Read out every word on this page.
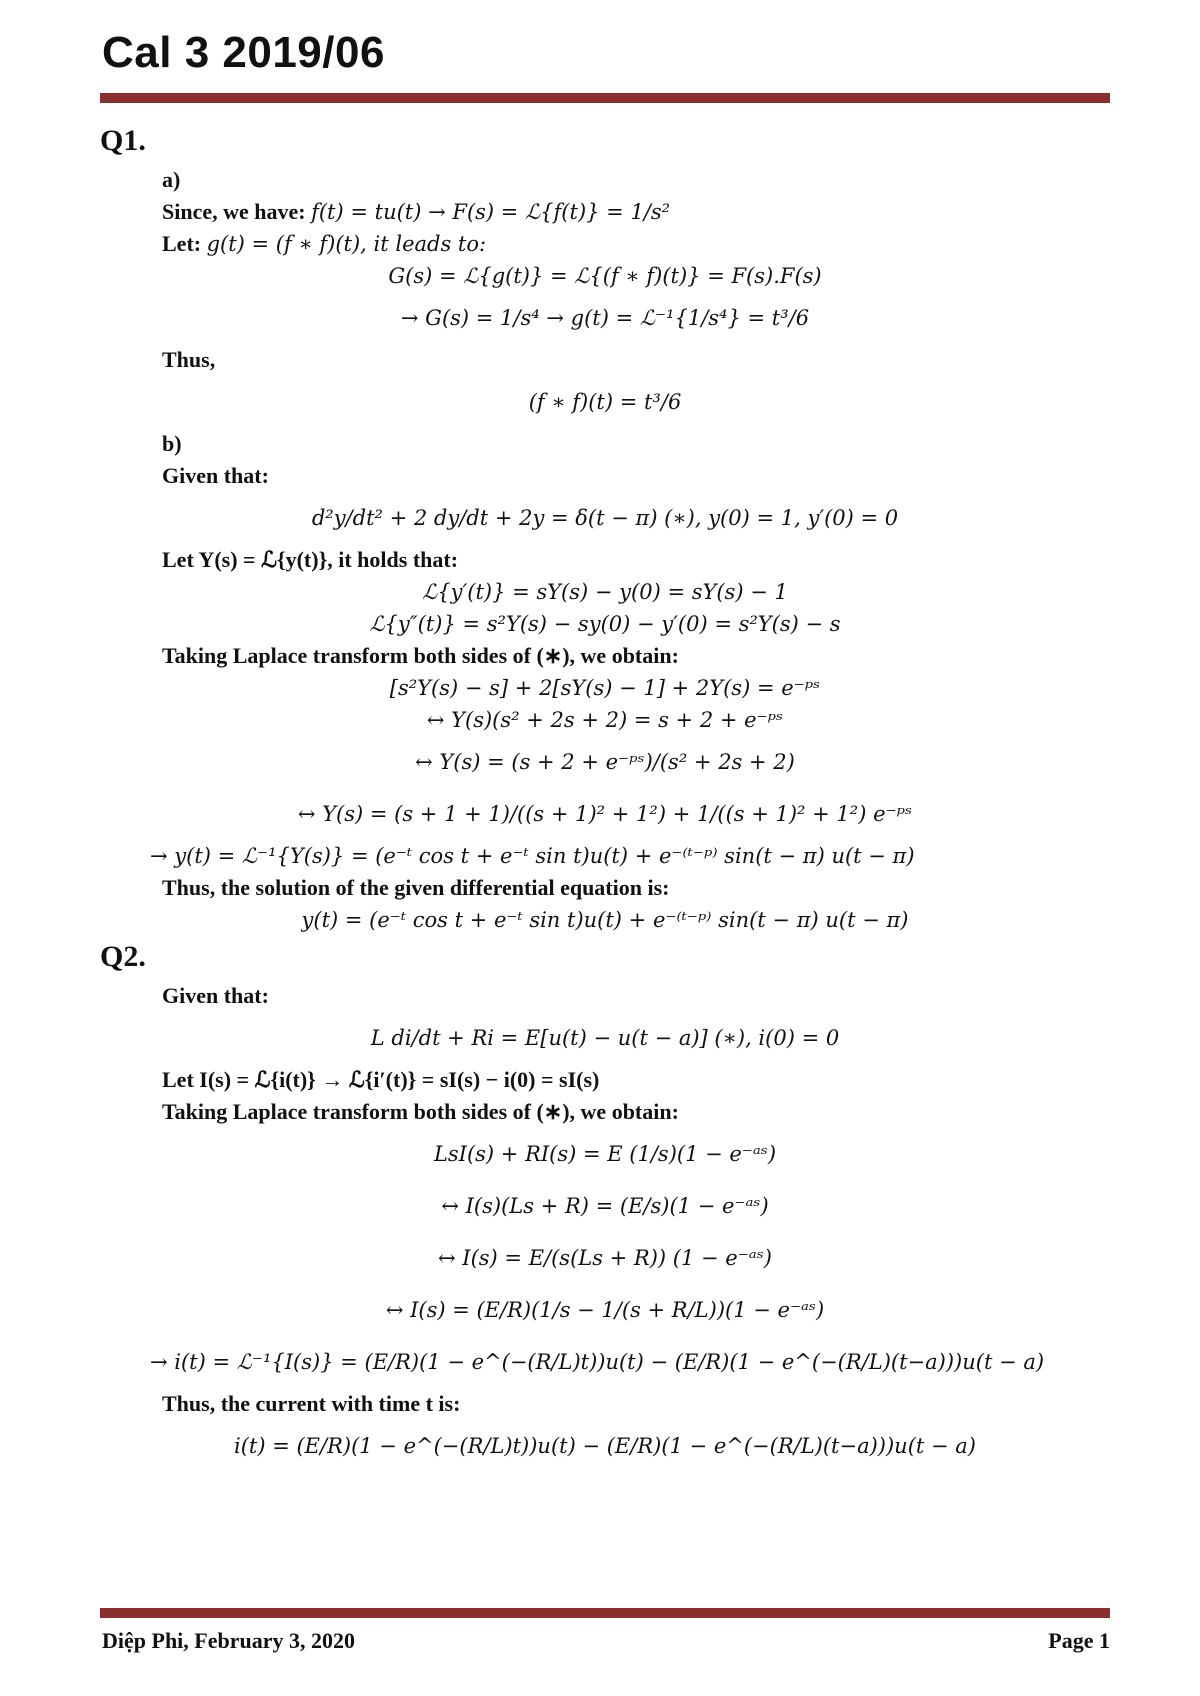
Cal 3 2019/06
Q1.
a)
Since, we have: f(t) = tu(t) → F(s) = ℒ{f(t)} = 1/s²
Let: g(t) = (f ∗ f)(t), it leads to:
G(s) = ℒ{g(t)} = ℒ{(f ∗ f)(t)} = F(s).F(s)
→ G(s) = 1/s⁴ → g(t) = ℒ⁻¹{1/s⁴} = t³/6
Thus,
(f ∗ f)(t) = t³/6
b)
Given that:
d²y/dt² + 2 dy/dt + 2y = δ(t − π) (∗), y(0) = 1, y′(0) = 0
Let Y(s) = ℒ{y(t)}, it holds that:
ℒ{y′(t)} = sY(s) − y(0) = sY(s) − 1
ℒ{y″(t)} = s²Y(s) − sy(0) − y′(0) = s²Y(s) − s
Taking Laplace transform both sides of (∗), we obtain:
[s²Y(s) − s] + 2[sY(s) − 1] + 2Y(s) = e⁻ᵖˢ
↔ Y(s)(s² + 2s + 2) = s + 2 + e⁻ᵖˢ
↔ Y(s) = (s + 2 + e⁻ᵖˢ)/(s² + 2s + 2)
↔ Y(s) = (s + 1 + 1)/((s + 1)² + 1²) + 1/((s + 1)² + 1²) e⁻ᵖˢ
→ y(t) = ℒ⁻¹{Y(s)} = (e⁻ᵗ cos t + e⁻ᵗ sin t)u(t) + e⁻⁽ᵗ⁻ᵖ⁾ sin(t − π) u(t − π)
Thus, the solution of the given differential equation is:
y(t) = (e⁻ᵗ cos t + e⁻ᵗ sin t)u(t) + e⁻⁽ᵗ⁻ᵖ⁾ sin(t − π) u(t − π)
Q2.
Given that:
L di/dt + Ri = E[u(t) − u(t − a)] (∗), i(0) = 0
Let I(s) = ℒ{i(t)} → ℒ{i′(t)} = sI(s) − i(0) = sI(s)
Taking Laplace transform both sides of (∗), we obtain:
LsI(s) + RI(s) = E (1/s)(1 − e⁻ᵃˢ)
↔ I(s)(Ls + R) = (E/s)(1 − e⁻ᵃˢ)
↔ I(s) = E/(s(Ls + R)) (1 − e⁻ᵃˢ)
↔ I(s) = (E/R)(1/s − 1/(s + R/L))(1 − e⁻ᵃˢ)
→ i(t) = ℒ⁻¹{I(s)} = (E/R)(1 − e^(−(R/L)t))u(t) − (E/R)(1 − e^(−(R/L)(t−a)))u(t − a)
Thus, the current with time t is:
i(t) = (E/R)(1 − e^(−(R/L)t))u(t) − (E/R)(1 − e^(−(R/L)(t−a)))u(t − a)
Diệp Phi, February 3, 2020	Page 1
